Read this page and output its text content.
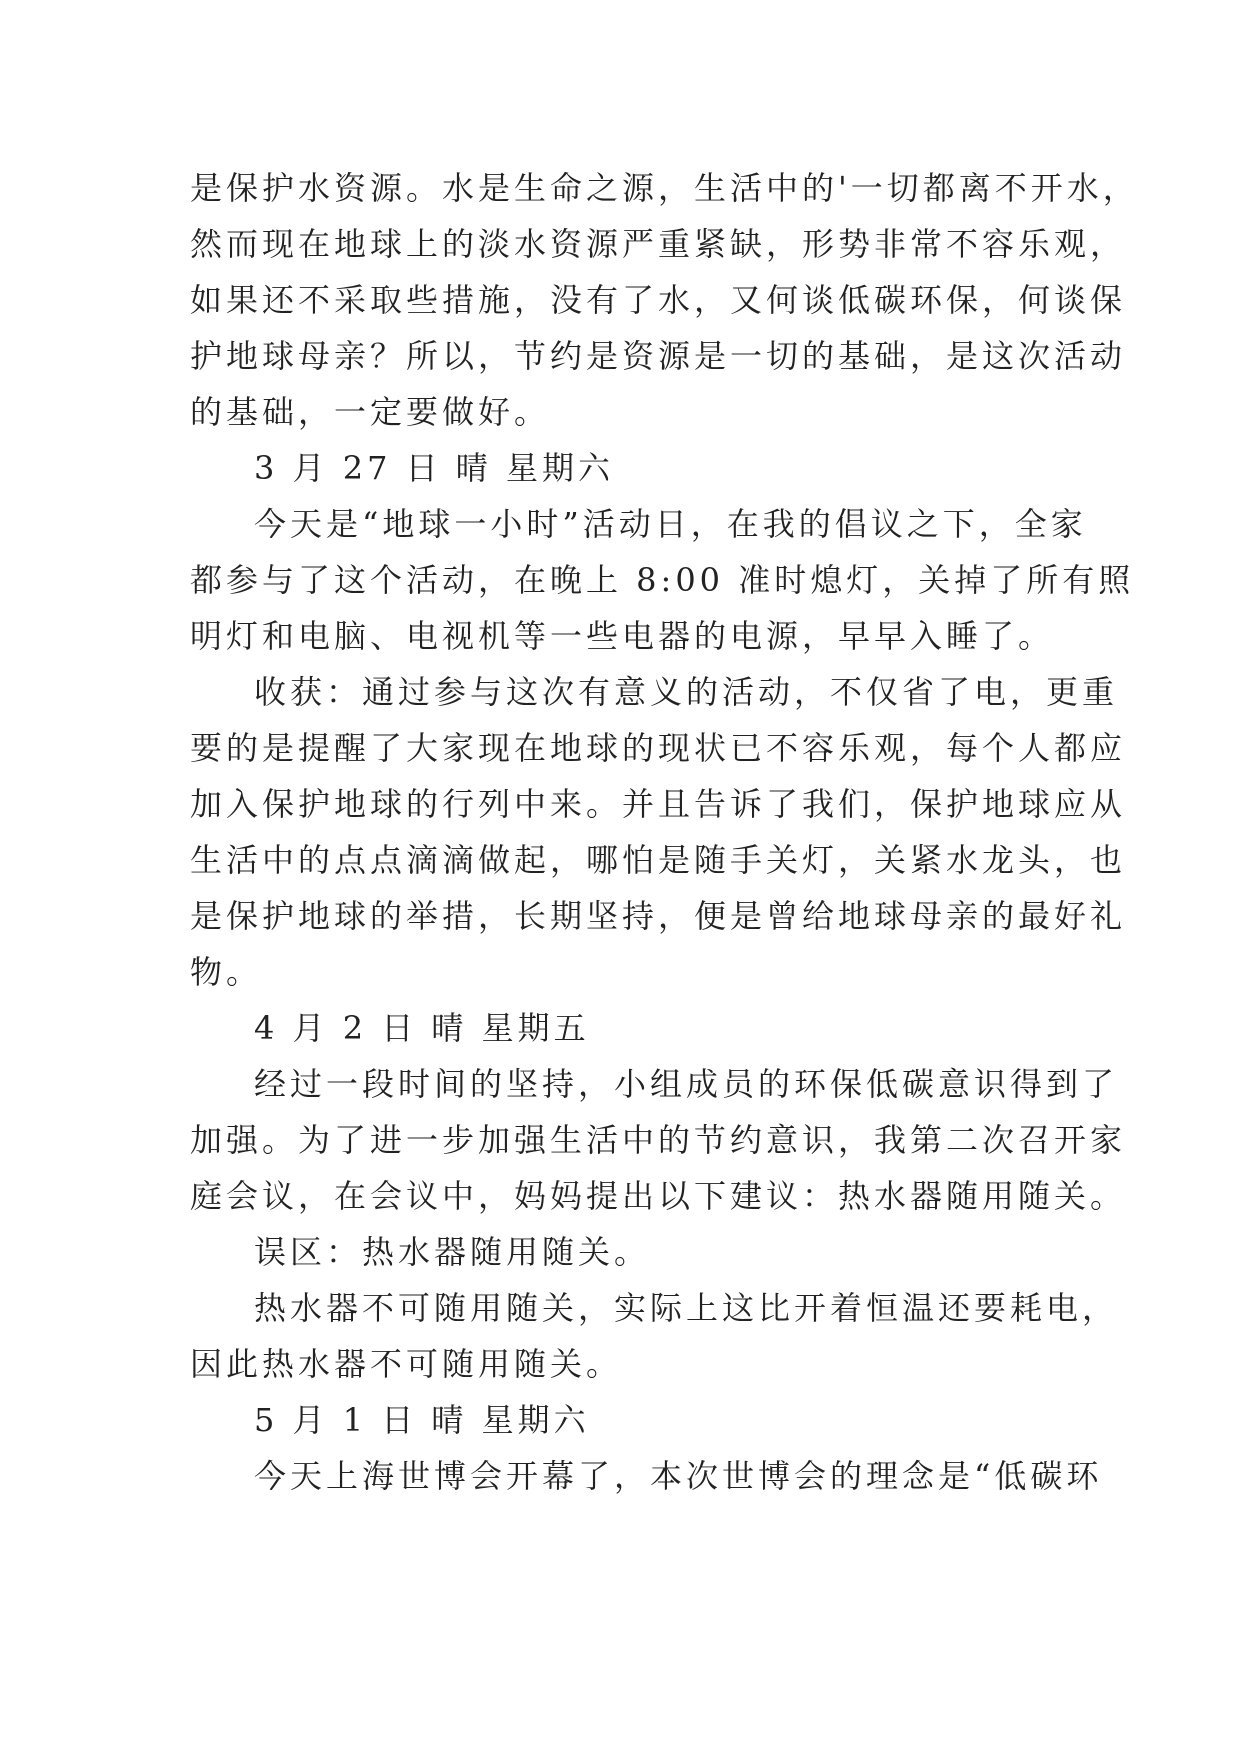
是保护水资源。水是生命之源，生活中的'一切都离不开水，
然而现在地球上的淡水资源严重紧缺，形势非常不容乐观，
如果还不采取些措施，没有了水，又何谈低碳环保，何谈保
护地球母亲？所以，节约是资源是一切的基础，是这次活动
的基础，一定要做好。
3 月 27 日 晴 星期六
今天是“地球一小时”活动日，在我的倡议之下，全家
都参与了这个活动，在晚上 8:00 准时熄灯，关掉了所有照
明灯和电脑、电视机等一些电器的电源，早早入睡了。
收获：通过参与这次有意义的活动，不仅省了电，更重
要的是提醒了大家现在地球的现状已不容乐观，每个人都应
加入保护地球的行列中来。并且告诉了我们，保护地球应从
生活中的点点滴滴做起，哪怕是随手关灯，关紧水龙头，也
是保护地球的举措，长期坚持，便是曾给地球母亲的最好礼
物。
4 月 2 日 晴 星期五
经过一段时间的坚持，小组成员的环保低碳意识得到了
加强。为了进一步加强生活中的节约意识，我第二次召开家
庭会议，在会议中，妈妈提出以下建议：热水器随用随关。
误区：热水器随用随关。
热水器不可随用随关，实际上这比开着恒温还要耗电，
因此热水器不可随用随关。
5 月 1 日 晴 星期六
今天上海世博会开幕了，本次世博会的理念是“低碳环
